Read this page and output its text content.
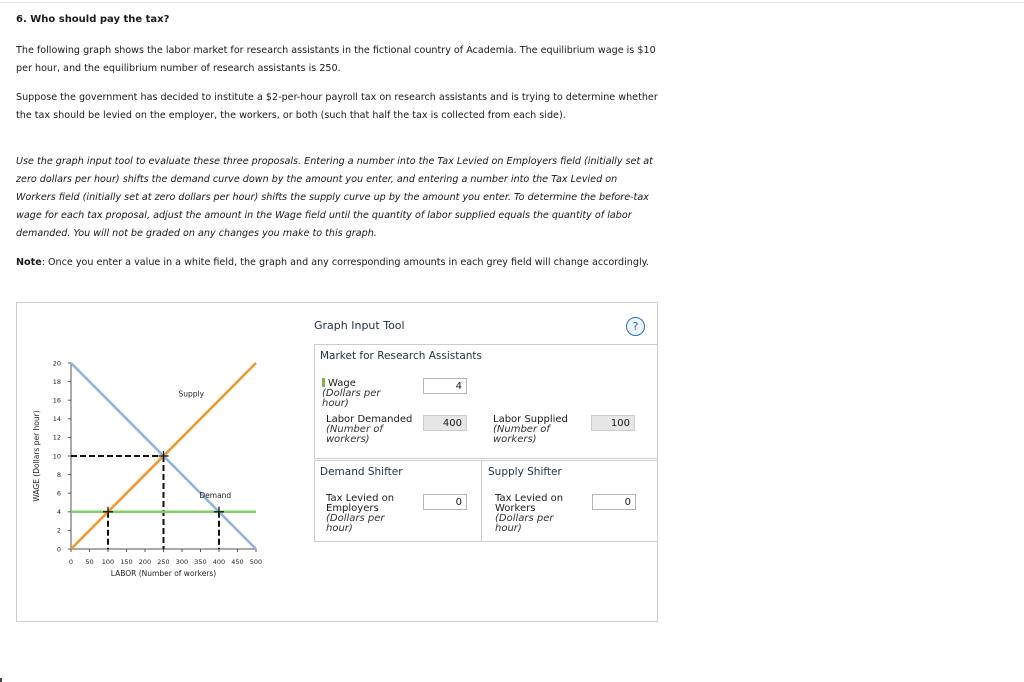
6. Who should pay the tax?

The following graph shows the labor market for research assistants in the fictional country of Academia. The equilibrium wage is $10
per hour, and the equilibrium number of research assistants is 250.

Suppose the government has decided to institute a $2-per-hour payroll tax on research assistants and is trying to determine whether
the tax should be levied on the employer, the workers, or both (such that half the tax is collected from each side).

Use the graph input tool to evaluate these three proposals. Entering a number into the Tax Levied on Employers field (initially set at
zero dollars per hour) shifts the demand curve down by the amount you enter, and entering a number into the Tax Levied on
Workers field (initially set at zero dollars per hour) shifts the supply curve up by the amount you enter. To determine the before-tax
wage for each tax proposal, adjust the amount in the Wage field until the quantity of labor supplied equals the quantity of labor
demanded. You will not be graded on any changes you make to this graph.

Note: Once you enter a value in a white field, the graph and any corresponding amounts in each grey field will change accordingly.

0
2
4
6
8
10
12
14
16
18
20
0 50 100 150 200 250 300 350 400 450 500
LABOR (Number of workers)
WAGE (Dollars per hour)
Supply
Demand
Graph Input Tool	?
Market for Research Assistants
Wage
(Dollars per
hour)
4
Labor Demanded
(Number of
workers)
400	Labor Supplied
(Number of
workers)
100
Demand Shifter
Tax Levied on
Employers
(Dollars per
hour)
0
Supply Shifter
Tax Levied on
Workers
(Dollars per
hour)
0
